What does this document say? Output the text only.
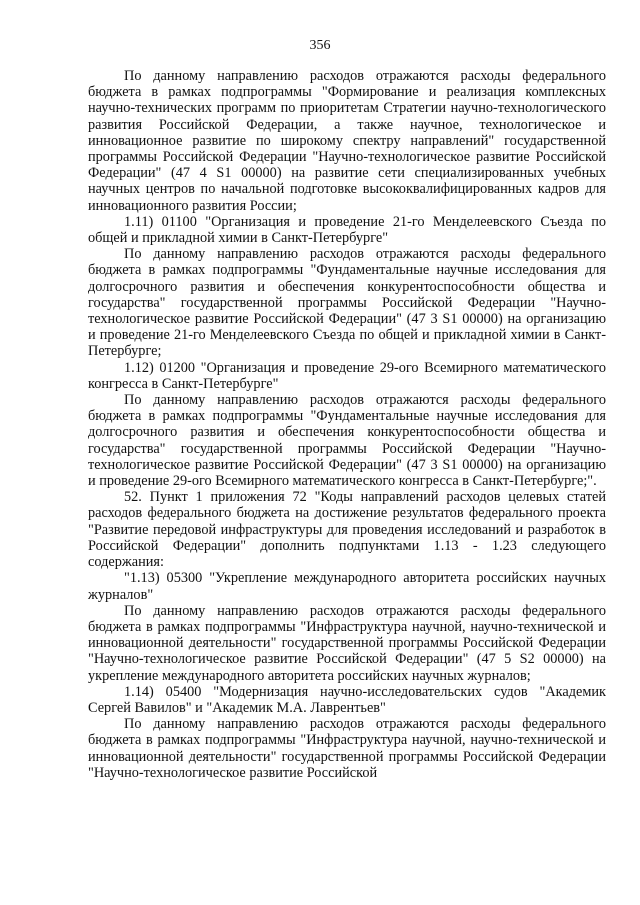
356

По данному направлению расходов отражаются расходы федерального бюджета в рамках подпрограммы "Формирование и реализация комплексных научно-технических программ по приоритетам Стратегии научно-технологического развития Российской Федерации, а также научное, технологическое и инновационное развитие по широкому спектру направлений" государственной программы Российской Федерации "Научно-технологическое развитие Российской Федерации" (47 4 S1 00000) на развитие сети специализированных учебных научных центров по начальной подготовке высококвалифицированных кадров для инновационного развития России;

1.11) 01100 "Организация и проведение 21-го Менделеевского Съезда по общей и прикладной химии в Санкт-Петербурге"

По данному направлению расходов отражаются расходы федерального бюджета в рамках подпрограммы "Фундаментальные научные исследования для долгосрочного развития и обеспечения конкурентоспособности общества и государства" государственной программы Российской Федерации "Научно-технологическое развитие Российской Федерации" (47 3 S1 00000) на организацию и проведение 21-го Менделеевского Съезда по общей и прикладной химии в Санкт-Петербурге;

1.12) 01200 "Организация и проведение 29-ого Всемирного математического конгресса в Санкт-Петербурге"

По данному направлению расходов отражаются расходы федерального бюджета в рамках подпрограммы "Фундаментальные научные исследования для долгосрочного развития и обеспечения конкурентоспособности общества и государства" государственной программы Российской Федерации "Научно-технологическое развитие Российской Федерации" (47 3 S1 00000) на организацию и проведение 29-ого Всемирного математического конгресса в Санкт-Петербурге;".

52. Пункт 1 приложения 72 "Коды направлений расходов целевых статей расходов федерального бюджета на достижение результатов федерального проекта "Развитие передовой инфраструктуры для проведения исследований и разработок в Российской Федерации" дополнить подпунктами 1.13 - 1.23 следующего содержания:

"1.13) 05300 "Укрепление международного авторитета российских научных журналов"

По данному направлению расходов отражаются расходы федерального бюджета в рамках подпрограммы "Инфраструктура научной, научно-технической и инновационной деятельности" государственной программы Российской Федерации "Научно-технологическое развитие Российской Федерации" (47 5 S2 00000) на укрепление международного авторитета российских научных журналов;

1.14) 05400 "Модернизация научно-исследовательских судов "Академик Сергей Вавилов" и "Академик М.А. Лаврентьев"

По данному направлению расходов отражаются расходы федерального бюджета в рамках подпрограммы "Инфраструктура научной, научно-технической и инновационной деятельности" государственной программы Российской Федерации "Научно-технологическое развитие Российской
